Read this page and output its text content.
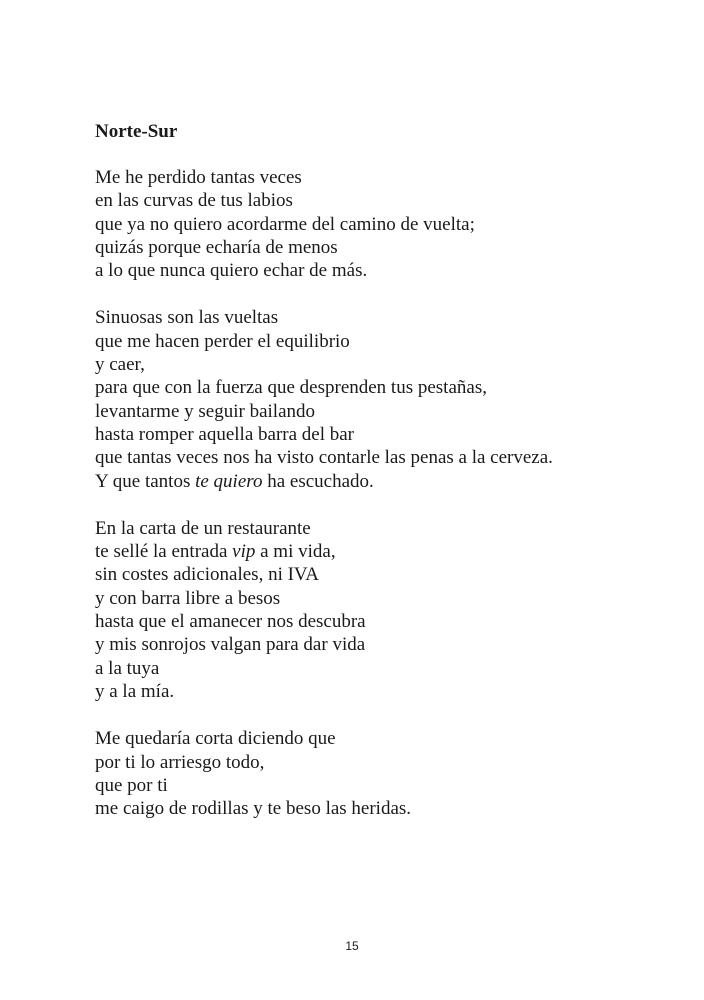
Norte-Sur
Me he perdido tantas veces
en las curvas de tus labios
que ya no quiero acordarme del camino de vuelta;
quizás porque echaría de menos
a lo que nunca quiero echar de más.
Sinuosas son las vueltas
que me hacen perder el equilibrio
y caer,
para que con la fuerza que desprenden tus pestañas,
levantarme y seguir bailando
hasta romper aquella barra del bar
que tantas veces nos ha visto contarle las penas a la cerveza.
Y que tantos te quiero ha escuchado.
En la carta de un restaurante
te sellé la entrada vip a mi vida,
sin costes adicionales, ni IVA
y con barra libre a besos
hasta que el amanecer nos descubra
y mis sonrojos valgan para dar vida
a la tuya
y a la mía.
Me quedaría corta diciendo que
por ti lo arriesgo todo,
que por ti
me caigo de rodillas y te beso las heridas.
15
